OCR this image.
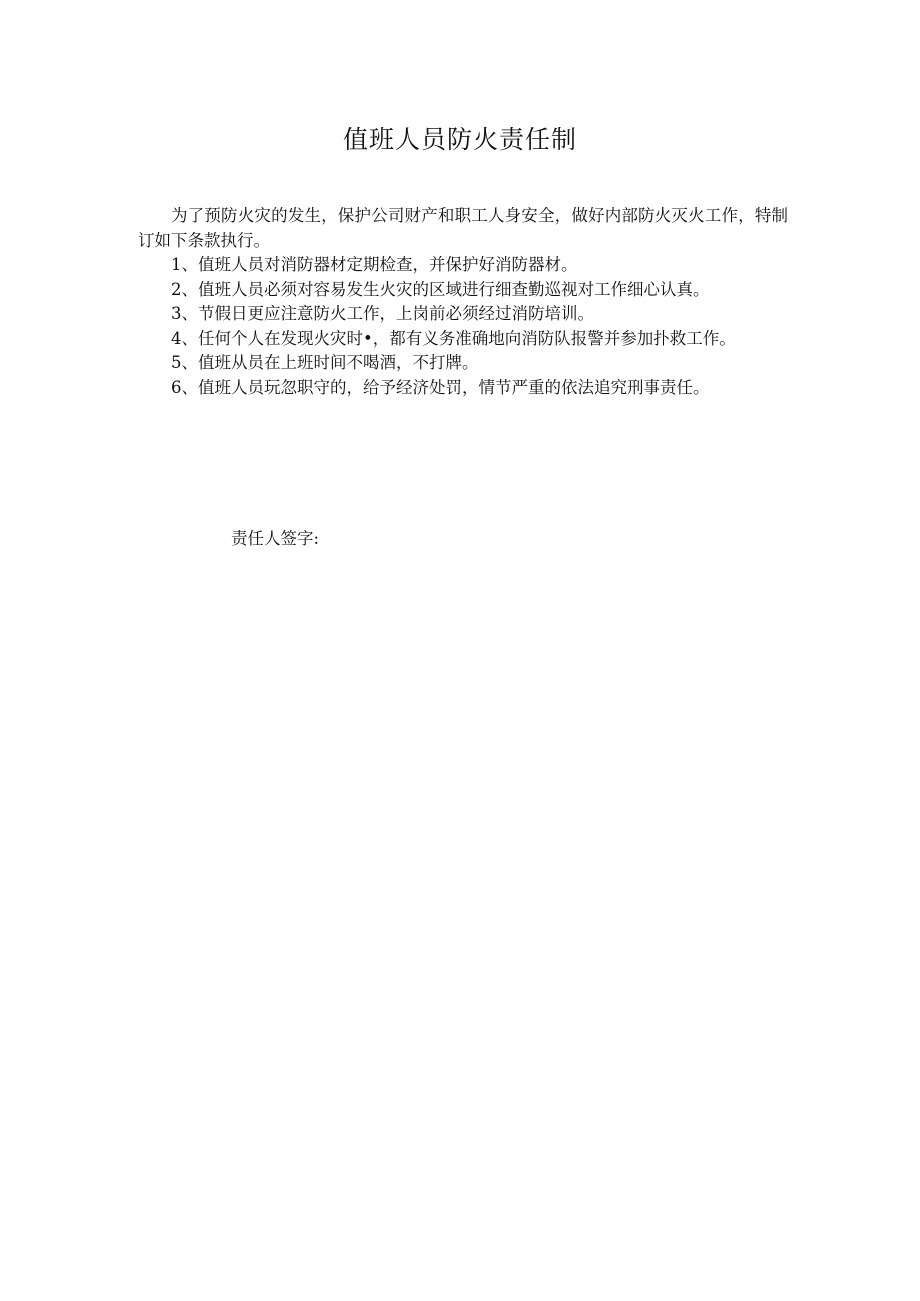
值班人员防火责任制

为了预防火灾的发生，保护公司财产和职工人身安全，做好内部防火灭火工作，特制订如下条款执行。

1、值班人员对消防器材定期检查，并保护好消防器材。

2、值班人员必须对容易发生火灾的区域进行细查勤巡视对工作细心认真。

3、节假日更应注意防火工作，上岗前必须经过消防培训。

4、任何个人在发现火灾时•，都有义务准确地向消防队报警并参加扑救工作。

5、值班从员在上班时间不喝酒，不打牌。

6、值班人员玩忽职守的，给予经济处罚，情节严重的依法追究刑事责任。

责任人签字:
